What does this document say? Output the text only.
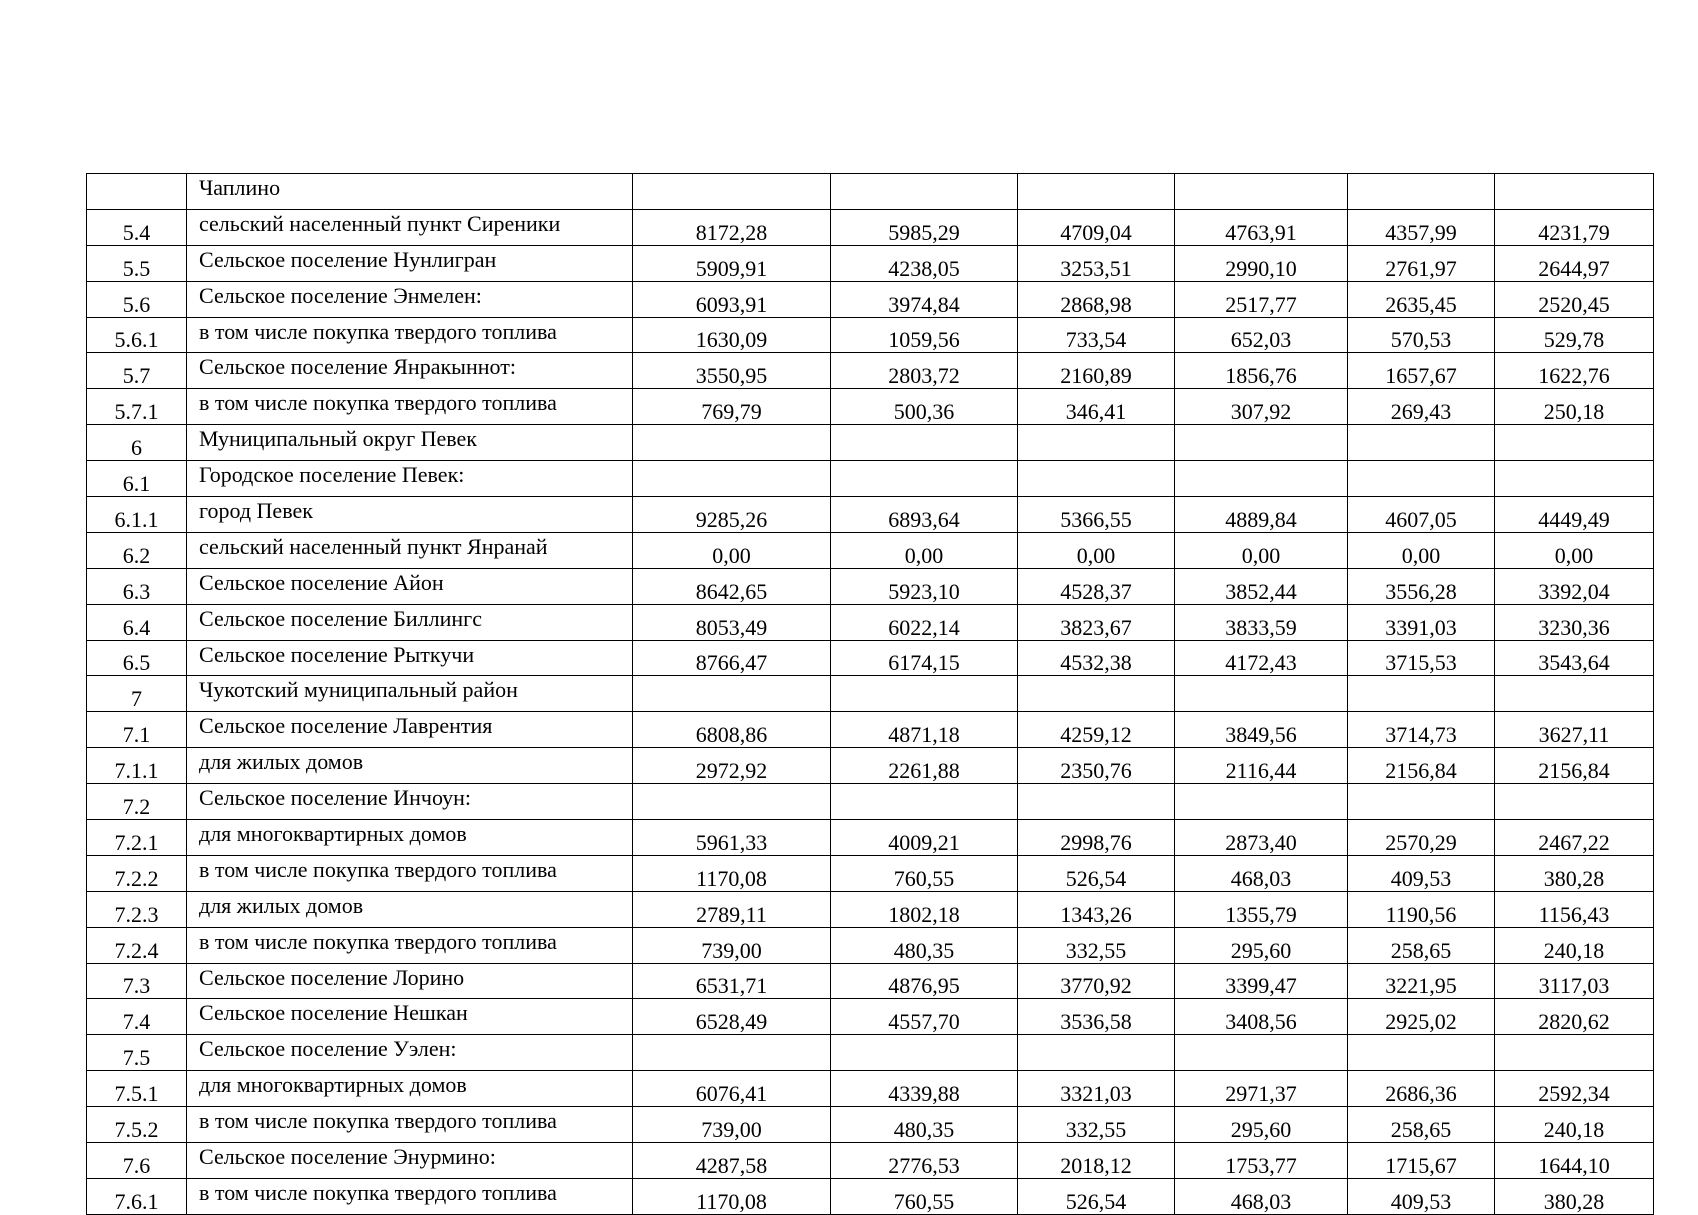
	Чаплино						
5.4	сельский населенный пункт Сиреники	8172,28	5985,29	4709,04	4763,91	4357,99	4231,79
5.5	Сельское поселение Нунлигран	5909,91	4238,05	3253,51	2990,10	2761,97	2644,97
5.6	Сельское поселение Энмелен:	6093,91	3974,84	2868,98	2517,77	2635,45	2520,45
5.6.1	в том числе покупка твердого топлива	1630,09	1059,56	733,54	652,03	570,53	529,78
5.7	Сельское поселение Янракыннот:	3550,95	2803,72	2160,89	1856,76	1657,67	1622,76
5.7.1	в том числе покупка твердого топлива	769,79	500,36	346,41	307,92	269,43	250,18
6	Муниципальный округ Певек						
6.1	Городское поселение Певек:						
6.1.1	город Певек	9285,26	6893,64	5366,55	4889,84	4607,05	4449,49
6.2	сельский населенный пункт Янранай	0,00	0,00	0,00	0,00	0,00	0,00
6.3	Сельское поселение Айон	8642,65	5923,10	4528,37	3852,44	3556,28	3392,04
6.4	Сельское поселение Биллингс	8053,49	6022,14	3823,67	3833,59	3391,03	3230,36
6.5	Сельское поселение Рыткучи	8766,47	6174,15	4532,38	4172,43	3715,53	3543,64
7	Чукотский муниципальный район						
7.1	Сельское поселение Лаврентия	6808,86	4871,18	4259,12	3849,56	3714,73	3627,11
7.1.1	для жилых домов	2972,92	2261,88	2350,76	2116,44	2156,84	2156,84
7.2	Сельское поселение Инчоун:						
7.2.1	для многоквартирных домов	5961,33	4009,21	2998,76	2873,40	2570,29	2467,22
7.2.2	в том числе покупка твердого топлива	1170,08	760,55	526,54	468,03	409,53	380,28
7.2.3	для жилых домов	2789,11	1802,18	1343,26	1355,79	1190,56	1156,43
7.2.4	в том числе покупка твердого топлива	739,00	480,35	332,55	295,60	258,65	240,18
7.3	Сельское поселение Лорино	6531,71	4876,95	3770,92	3399,47	3221,95	3117,03
7.4	Сельское поселение Нешкан	6528,49	4557,70	3536,58	3408,56	2925,02	2820,62
7.5	Сельское поселение Уэлен:						
7.5.1	для многоквартирных домов	6076,41	4339,88	3321,03	2971,37	2686,36	2592,34
7.5.2	в том числе покупка твердого топлива	739,00	480,35	332,55	295,60	258,65	240,18
7.6	Сельское поселение Энурмино:	4287,58	2776,53	2018,12	1753,77	1715,67	1644,10
7.6.1	в том числе покупка твердого топлива	1170,08	760,55	526,54	468,03	409,53	380,28
